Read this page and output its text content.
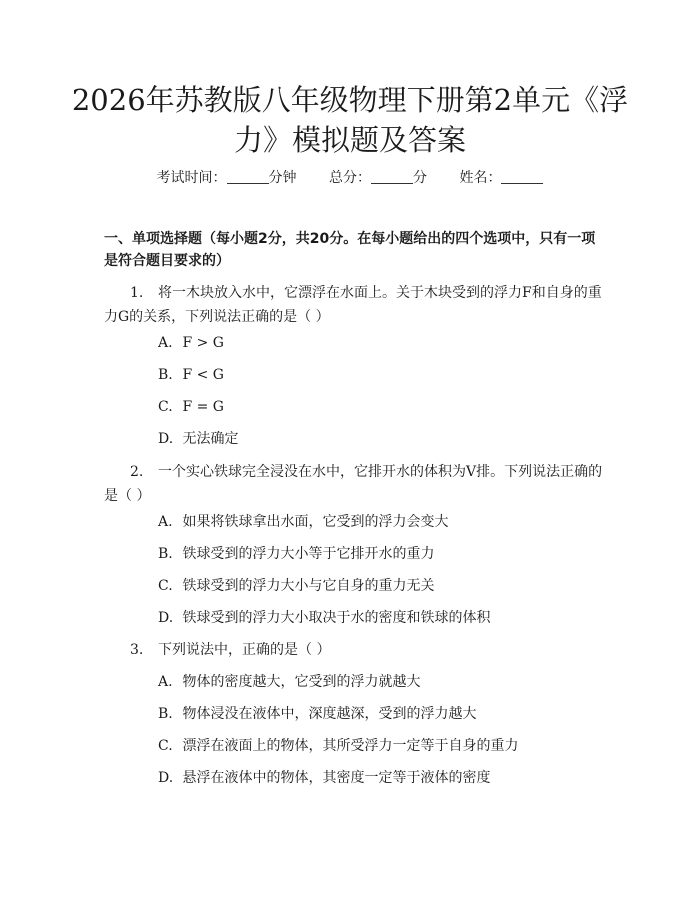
2026年苏教版八年级物理下册第2单元《浮力》模拟题及答案
考试时间：	分钟 总分：	分 姓名：
一、单项选择题（每小题2分，共20分。在每小题给出的四个选项中，只有一项是符合题目要求的）
1. 将一木块放入水中，它漂浮在水面上。关于木块受到的浮力F和自身的重力G的关系，下列说法正确的是（ ）
A. F > G
B. F < G
C. F = G
D. 无法确定
2. 一个实心铁球完全浸没在水中，它排开水的体积为V排。下列说法正确的是（ ）
A. 如果将铁球拿出水面，它受到的浮力会变大
B. 铁球受到的浮力大小等于它排开水的重力
C. 铁球受到的浮力大小与它自身的重力无关
D. 铁球受到的浮力大小取决于水的密度和铁球的体积
3. 下列说法中，正确的是（ ）
A. 物体的密度越大，它受到的浮力就越大
B. 物体浸没在液体中，深度越深，受到的浮力越大
C. 漂浮在液面上的物体，其所受浮力一定等于自身的重力
D. 悬浮在液体中的物体，其密度一定等于液体的密度
